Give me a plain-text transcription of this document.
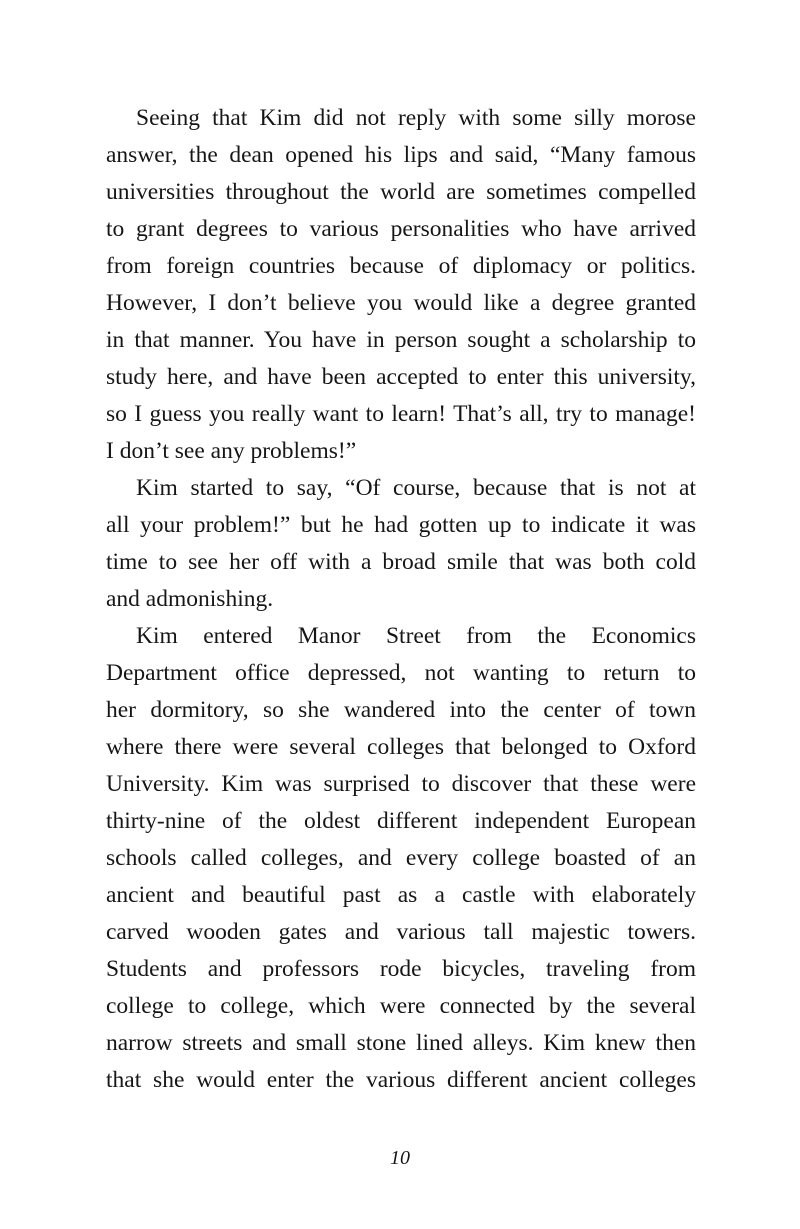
Seeing that Kim did not reply with some silly morose
answer, the dean opened his lips and said, “Many famous
universities throughout the world are sometimes compelled
to grant degrees to various personalities who have arrived
from foreign countries because of diplomacy or politics.
However, I don’t believe you would like a degree granted
in that manner. You have in person sought a scholarship to
study here, and have been accepted to enter this university,
so I guess you really want to learn! That’s all, try to manage!
I don’t see any problems!”
Kim started to say, “Of course, because that is not at
all your problem!” but he had gotten up to indicate it was
time to see her off with a broad smile that was both cold
and admonishing.
Kim entered Manor Street from the Economics
Department office depressed, not wanting to return to
her dormitory, so she wandered into the center of town
where there were several colleges that belonged to Oxford
University. Kim was surprised to discover that these were
thirty-nine of the oldest different independent European
schools called colleges, and every college boasted of an
ancient and beautiful past as a castle with elaborately
carved wooden gates and various tall majestic towers.
Students and professors rode bicycles, traveling from
college to college, which were connected by the several
narrow streets and small stone lined alleys. Kim knew then
that she would enter the various different ancient colleges
10
